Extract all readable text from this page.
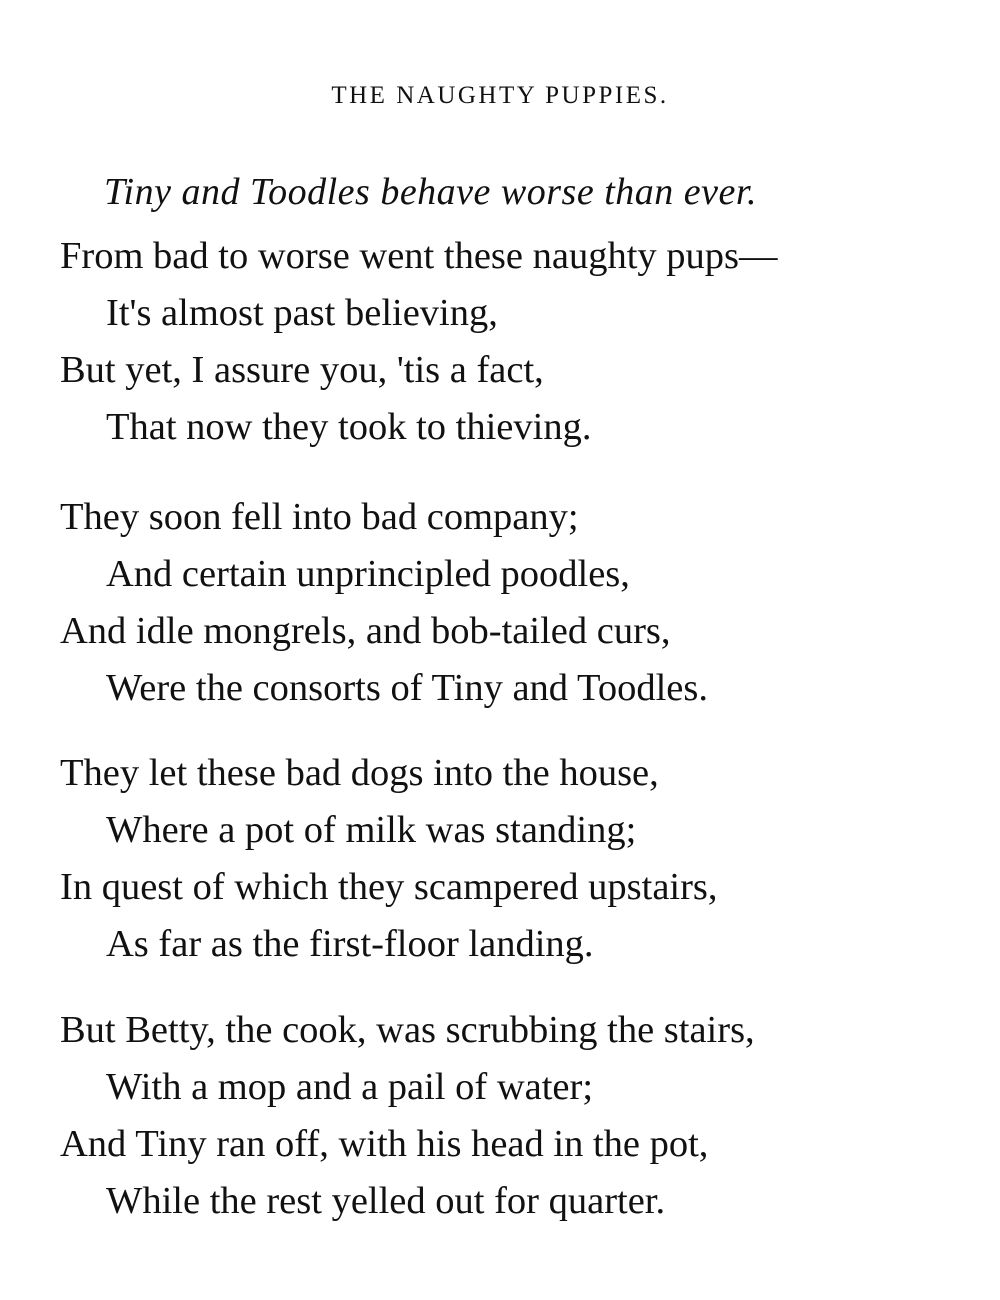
THE NAUGHTY PUPPIES.
Tiny and Toodles behave worse than ever.
From bad to worse went these naughty pups—
It's almost past believing,
But yet, I assure you, 'tis a fact,
That now they took to thieving.
They soon fell into bad company;
And certain unprincipled poodles,
And idle mongrels, and bob-tailed curs,
Were the consorts of Tiny and Toodles.
They let these bad dogs into the house,
Where a pot of milk was standing;
In quest of which they scampered upstairs,
As far as the first-floor landing.
But Betty, the cook, was scrubbing the stairs,
With a mop and a pail of water;
And Tiny ran off, with his head in the pot,
While the rest yelled out for quarter.
